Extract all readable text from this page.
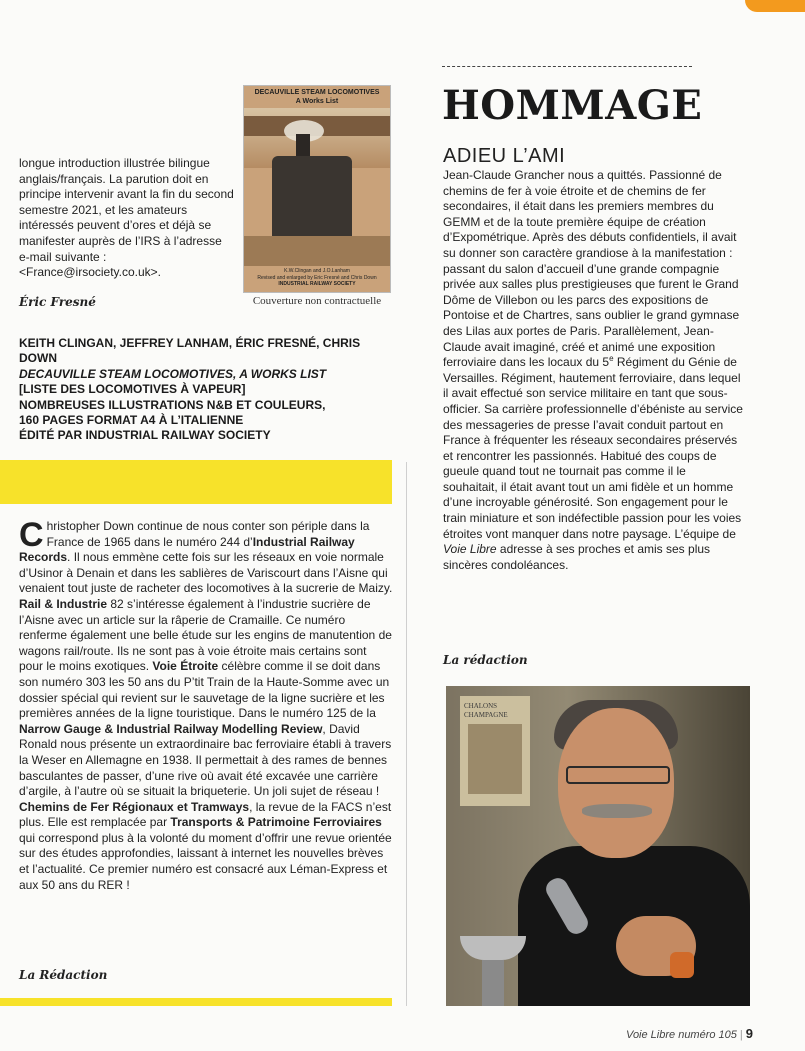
DECAUVILLE STEAM LOCOMOTIVES
A Works List
K.W.Clingan and J.O.Lanham
Revised and enlarged by Eric Fresné and Chris Down
INDUSTRIAL RAILWAY SOCIETY
Couverture non contractuelle
longue introduction illustrée bilingue anglais/français. La parution doit en principe intervenir avant la fin du second semestre 2021, et les amateurs intéressés peuvent d’ores et déjà se manifester auprès de l’IRS à l’adresse e-mail suivante : <France@irsociety.co.uk>.
Éric Fresné
KEITH CLINGAN, JEFFREY LANHAM, ÉRIC FRESNÉ, CHRIS DOWN
DECAUVILLE STEAM LOCOMOTIVES, A WORKS LIST
[LISTE DES LOCOMOTIVES À VAPEUR]
NOMBREUSES ILLUSTRATIONS N&B ET COULEURS,
160 PAGES FORMAT A4 À L’ITALIENNE
ÉDITÉ PAR INDUSTRIAL RAILWAY SOCIETY
Christopher Down continue de nous conter son périple dans la France de 1965 dans le numéro 244 d’Industrial Railway Records. Il nous emmène cette fois sur les réseaux en voie normale d’Usinor à Denain et dans les sablières de Variscourt dans l’Aisne qui venaient tout juste de racheter des locomotives à la sucrerie de Maizy. Rail & Industrie 82 s’intéresse également à l’industrie sucrière de l’Aisne avec un article sur la râperie de Cramaille. Ce numéro renferme également une belle étude sur les engins de manutention de wagons rail/route. Ils ne sont pas à voie étroite mais certains sont pour le moins exotiques. Voie Étroite célèbre comme il se doit dans son numéro 303 les 50 ans du P’tit Train de la Haute-Somme avec un dossier spécial qui revient sur le sauvetage de la ligne sucrière et les premières années de la ligne touristique. Dans le numéro 125 de la Narrow Gauge & Industrial Railway Modelling Review, David Ronald nous présente un extraordinaire bac ferroviaire établi à travers la Weser en Allemagne en 1938. Il permettait à des rames de bennes basculantes de passer, d’une rive où avait été excavée une carrière d’argile, à l’autre où se situait la briqueterie. Un joli sujet de réseau ! Chemins de Fer Régionaux et Tramways, la revue de la FACS n’est plus. Elle est remplacée par Transports & Patrimoine Ferroviaires qui correspond plus à la volonté du moment d’offrir une revue orientée sur des études approfondies, laissant à internet les nouvelles brèves et l’actualité. Ce premier numéro est consacré aux Léman-Express et aux 50 ans du RER !
La Rédaction
HOMMAGE
ADIEU L’AMI
Jean-Claude Grancher nous a quittés. Passionné de chemins de fer à voie étroite et de chemins de fer secondaires, il était dans les premiers membres du GEMM et de la toute première équipe de création d’Expométrique. Après des débuts confidentiels, il avait su donner son caractère grandiose à la manifestation : passant du salon d’accueil d’une grande compagnie privée aux salles plus prestigieuses que furent le Grand Dôme de Villebon ou les parcs des expositions de Pontoise et de Chartres, sans oublier le grand gymnase des Lilas aux portes de Paris. Parallèlement, Jean-Claude avait imaginé, créé et animé une exposition ferroviaire dans les locaux du 5e Régiment du Génie de Versailles. Régiment, hautement ferroviaire, dans lequel il avait effectué son service militaire en tant que sous-officier. Sa carrière professionnelle d’ébéniste au service des messageries de presse l’avait conduit partout en France à fréquenter les réseaux secondaires préservés et rencontrer les passionnés. Habitué des coups de gueule quand tout ne tournait pas comme il le souhaitait, il était avant tout un ami fidèle et un homme d’une incroyable générosité. Son engagement pour le train miniature et son indéfectible passion pour les voies étroites vont manquer dans notre paysage. L’équipe de Voie Libre adresse à ses proches et amis ses plus sincères condoléances.
La rédaction
CHALONS
CHAMPAGNE
Voie Libre numéro 105 | 9
